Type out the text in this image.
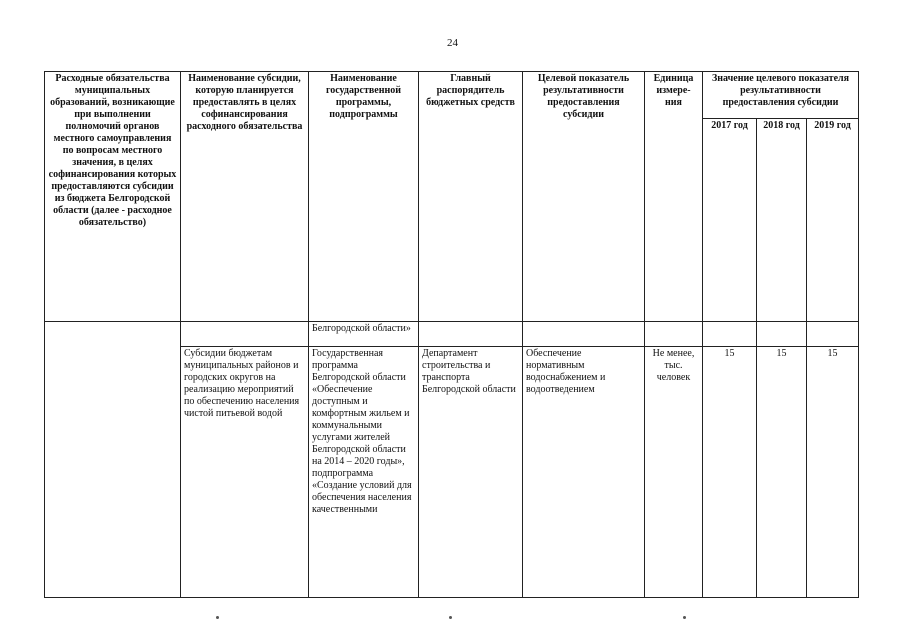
24
Расходные обязательства муниципальных образований, возникающие при выполнении полномочий органов местного самоуправления по вопросам местного значения, в целях софинансирования которых предоставляются субсидии из бюджета Белгородской области (далее - расходное обязательство)	Наименование субсидии, которую планируется предоставлять в целях софинансирования расходного обязательства	Наименование государственной программы, подпрограммы	Главный распорядитель бюджетных средств	Целевой показатель результативности предоставления субсидии	Единица измере-ния	Значение целевого показателя результативности предоставления субсидии		
						2017 год	2018 год	2019 год
		Белгородской области»						
	Субсидии бюджетам муниципальных районов и городских округов на реализацию мероприятий по обеспечению населения чистой питьевой водой	Государственная программа Белгородской области «Обеспечение доступным и комфортным жильем и коммунальными услугами жителей Белгородской области на 2014 – 2020 годы», подпрограмма «Создание условий для обеспечения населения качественными	Департамент строительства и транспорта Белгородской области	Обеспечение нормативным водоснабжением и водоотведением	Не менее, тыс. человек	15	15	15
